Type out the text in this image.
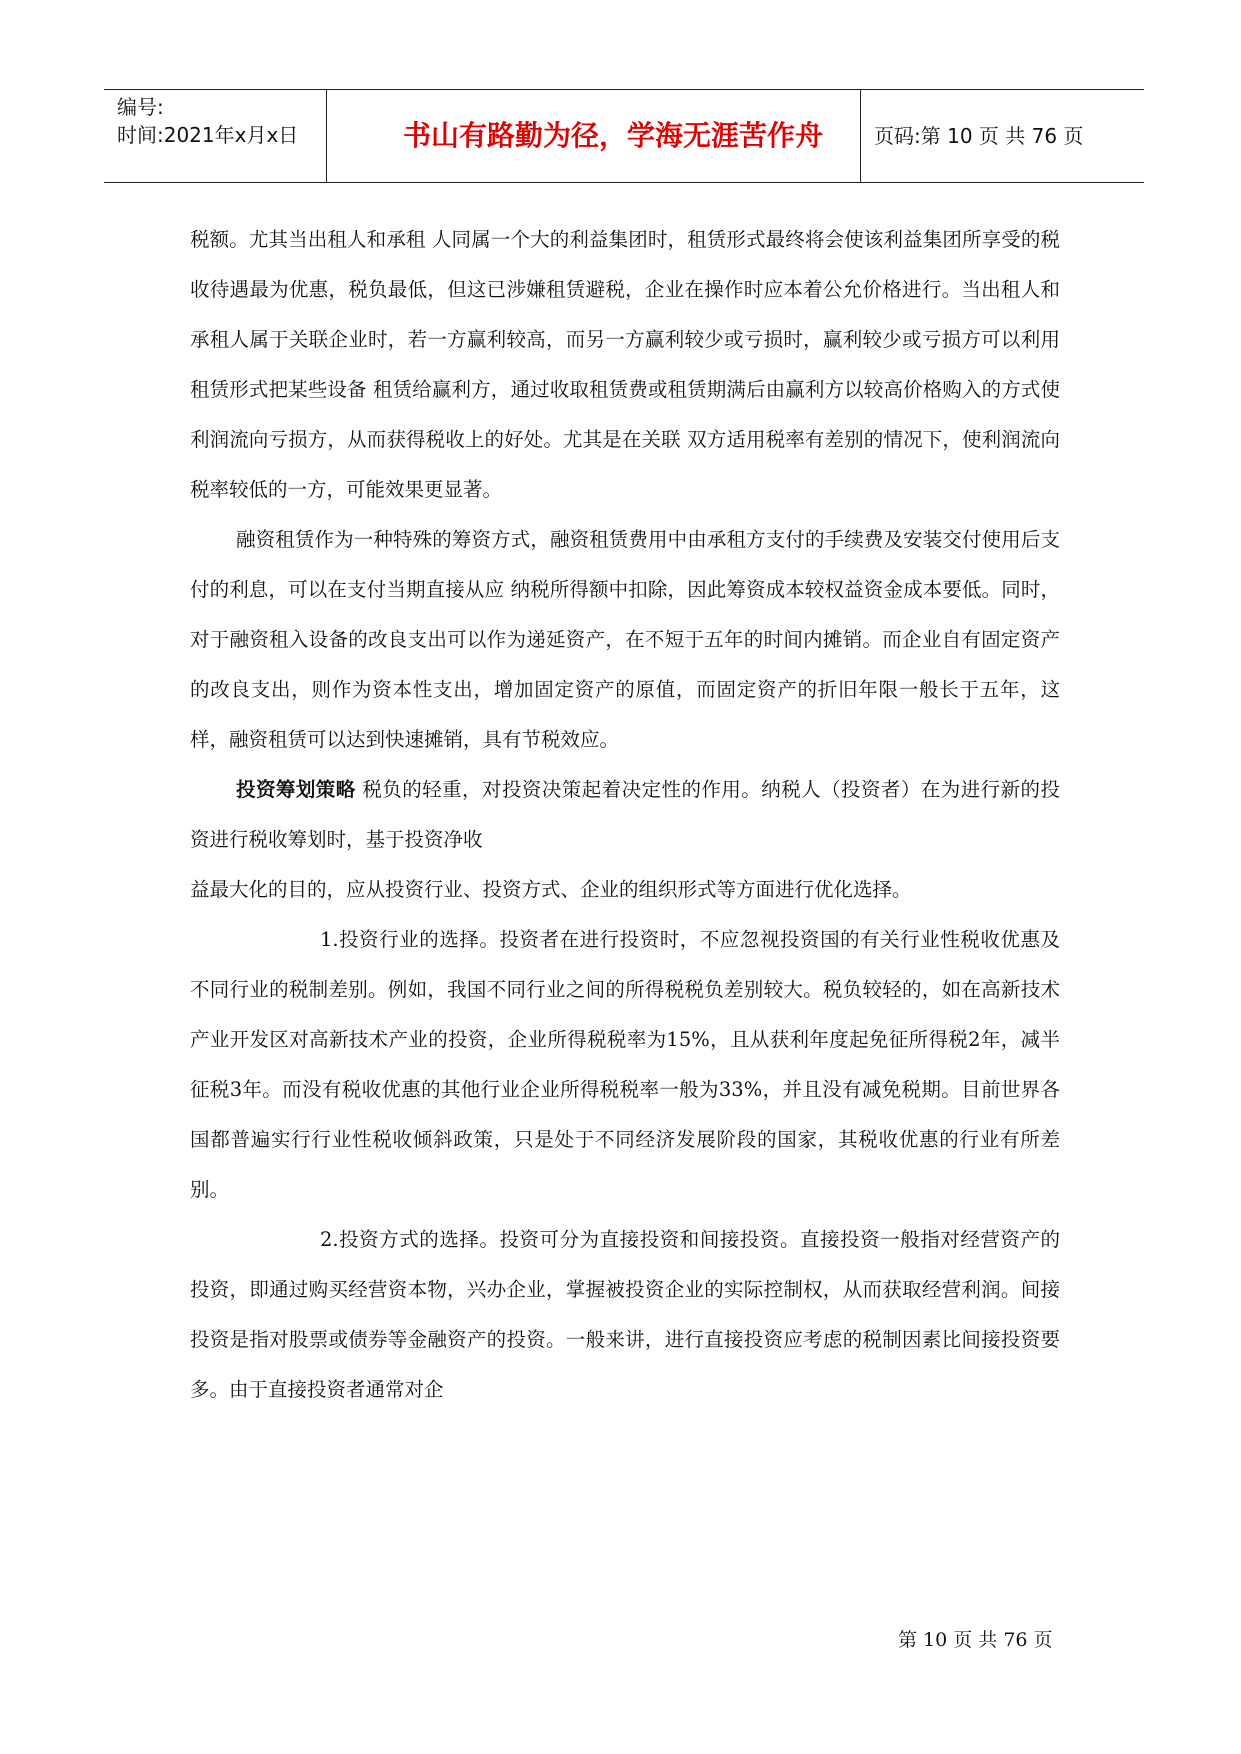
编号:
时间:2021年x月x日	书山有路勤为径，学海无涯苦作舟	页码:第 10 页 共 76 页

税额。尤其当出租人和承租 人同属一个大的利益集团时，租赁形式最终将会使该利益集团所享受的税收待遇最为优惠，税负最低，但这已涉嫌租赁避税，企业在操作时应本着公允价格进行。当出租人和承租人属于关联企业时，若一方赢利较高，而另一方赢利较少或亏损时，赢利较少或亏损方可以利用租赁形式把某些设备 租赁给赢利方，通过收取租赁费或租赁期满后由赢利方以较高价格购入的方式使利润流向亏损方，从而获得税收上的好处。尤其是在关联 双方适用税率有差别的情况下，使利润流向税率较低的一方，可能效果更显著。

融资租赁作为一种特殊的筹资方式，融资租赁费用中由承租方支付的手续费及安装交付使用后支付的利息，可以在支付当期直接从应 纳税所得额中扣除，因此筹资成本较权益资金成本要低。同时，对于融资租入设备的改良支出可以作为递延资产，在不短于五年的时间内摊销。而企业自有固定资产的改良支出，则作为资本性支出，增加固定资产的原值，而固定资产的折旧年限一般长于五年，这样，融资租赁可以达到快速摊销，具有节税效应。

投资筹划策略 税负的轻重，对投资决策起着决定性的作用。纳税人（投资者）在为进行新的投资进行税收筹划时，基于投资净收

益最大化的目的，应从投资行业、投资方式、企业的组织形式等方面进行优化选择。

1.投资行业的选择。投资者在进行投资时，不应忽视投资国的有关行业性税收优惠及不同行业的税制差别。例如，我国不同行业之间的所得税税负差别较大。税负较轻的，如在高新技术产业开发区对高新技术产业的投资，企业所得税税率为15%，且从获利年度起免征所得税2年，减半征税3年。而没有税收优惠的其他行业企业所得税税率一般为33%，并且没有减免税期。目前世界各国都普遍实行行业性税收倾斜政策，只是处于不同经济发展阶段的国家，其税收优惠的行业有所差别。

2.投资方式的选择。投资可分为直接投资和间接投资。直接投资一般指对经营资产的投资，即通过购买经营资本物，兴办企业，掌握被投资企业的实际控制权，从而获取经营利润。间接投资是指对股票或债券等金融资产的投资。一般来讲，进行直接投资应考虑的税制因素比间接投资要多。由于直接投资者通常对企

第 10 页 共 76 页
